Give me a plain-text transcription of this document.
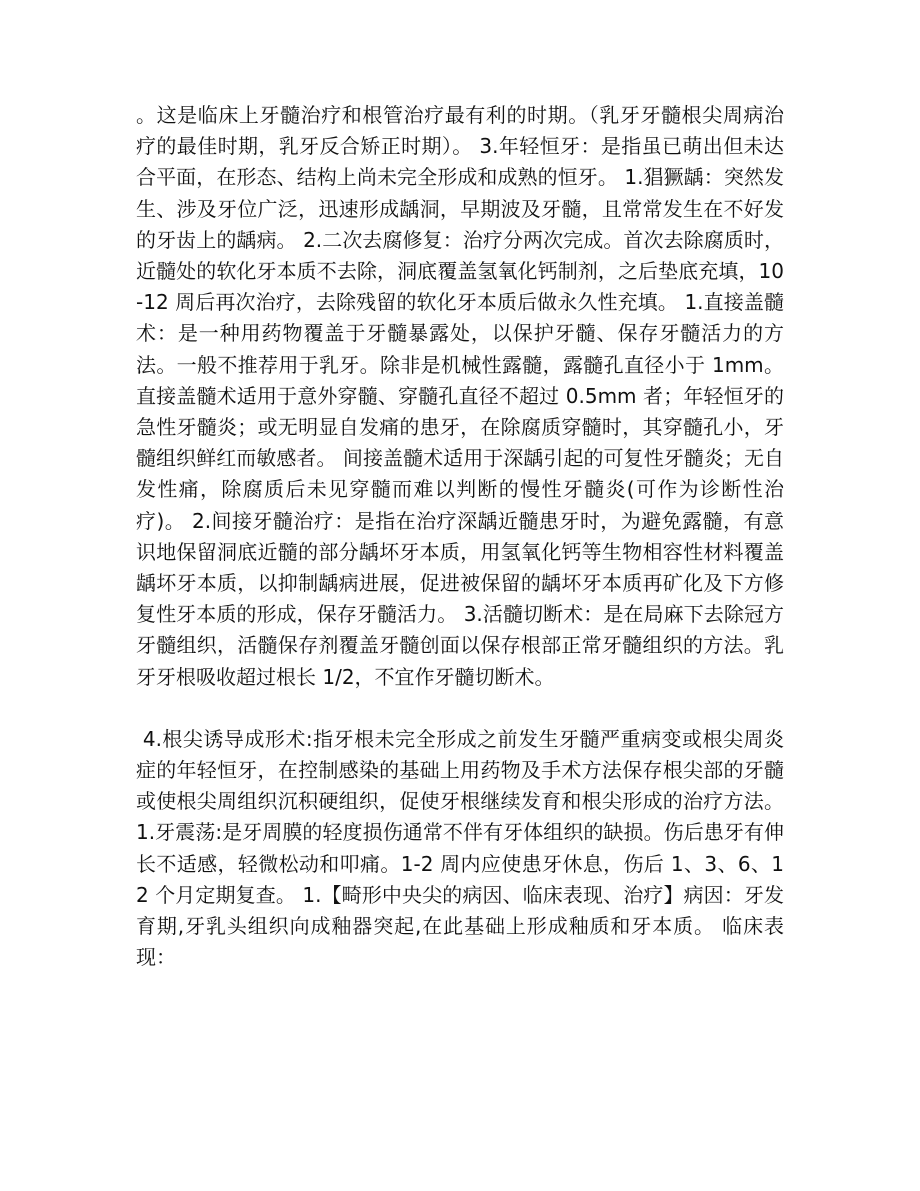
。这是临床上牙髓治疗和根管治疗最有利的时期。（乳牙牙髓根尖周病治疗的最佳时期，乳牙反合矫正时期）。 3.年轻恒牙：是指虽已萌出但未达合平面，在形态、结构上尚未完全形成和成熟的恒牙。 1.猖獗龋：突然发生、涉及牙位广泛，迅速形成龋洞，早期波及牙髓，且常常发生在不好发的牙齿上的龋病。 2.二次去腐修复：治疗分两次完成。首次去除腐质时，近髓处的软化牙本质不去除，洞底覆盖氢氧化钙制剂，之后垫底充填，10-12 周后再次治疗，去除残留的软化牙本质后做永久性充填。 1.直接盖髓术：是一种用药物覆盖于牙髓暴露处，以保护牙髓、保存牙髓活力的方法。一般不推荐用于乳牙。除非是机械性露髓，露髓孔直径小于 1mm。直接盖髓术适用于意外穿髓、穿髓孔直径不超过 0.5mm 者；年轻恒牙的急性牙髓炎；或无明显自发痛的患牙，在除腐质穿髓时，其穿髓孔小，牙髓组织鲜红而敏感者。 间接盖髓术适用于深龋引起的可复性牙髓炎；无自发性痛，除腐质后未见穿髓而难以判断的慢性牙髓炎(可作为诊断性治疗)。 2.间接牙髓治疗：是指在治疗深龋近髓患牙时，为避免露髓，有意识地保留洞底近髓的部分龋坏牙本质，用氢氧化钙等生物相容性材料覆盖龋坏牙本质，以抑制龋病进展，促进被保留的龋坏牙本质再矿化及下方修复性牙本质的形成，保存牙髓活力。 3.活髓切断术：是在局麻下去除冠方牙髓组织，活髓保存剂覆盖牙髓创面以保存根部正常牙髓组织的方法。乳牙牙根吸收超过根长 1/2，不宜作牙髓切断术。

4.根尖诱导成形术:指牙根未完全形成之前发生牙髓严重病变或根尖周炎症的年轻恒牙，在控制感染的基础上用药物及手术方法保存根尖部的牙髓或使根尖周组织沉积硬组织，促使牙根继续发育和根尖形成的治疗方法。 1.牙震荡:是牙周膜的轻度损伤通常不伴有牙体组织的缺损。伤后患牙有伸长不适感，轻微松动和叩痛。1-2 周内应使患牙休息，伤后 1、3、6、12 个月定期复查。 1.【畸形中央尖的病因、临床表现、治疗】病因：牙发育期,牙乳头组织向成釉器突起,在此基础上形成釉质和牙本质。 临床表现：
